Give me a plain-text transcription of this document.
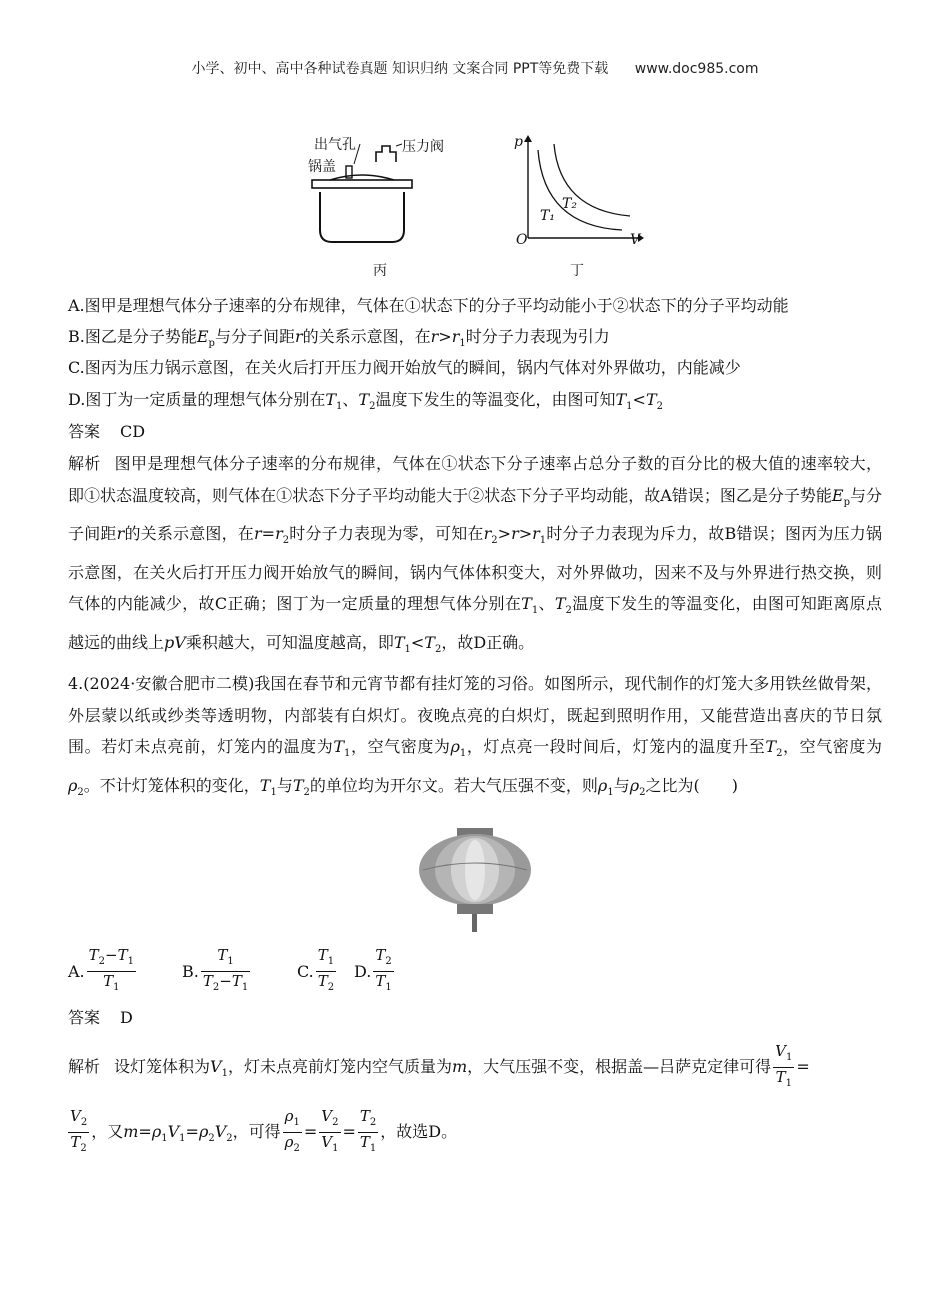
小学、初中、高中各种试卷真题 知识归纳 文案合同 PPT等免费下载 www.doc985.com
出气孔
锅盖
压力阀
丙
p
V
O
T₁
T₂
丁
A.图甲是理想气体分子速率的分布规律，气体在①状态下的分子平均动能小于②状态下的分子平均动能
B.图乙是分子势能$E_p$与分子间距r的关系示意图，在$r>r_1$时分子力表现为引力
C.图丙为压力锅示意图，在关火后打开压力阀开始放气的瞬间，锅内气体对外界做功，内能减少
D.图丁为一定质量的理想气体分别在$T_1$、$T_2$温度下发生的等温变化，由图可知$T_1<T_2$
答案 CD
解析 图甲是理想气体分子速率的分布规律，气体在①状态下分子速率占总分子数的百分比的极大值的速率较大，即①状态温度较高，则气体在①状态下分子平均动能大于②状态下分子平均动能，故A错误；图乙是分子势能$E_p$与分子间距r的关系示意图，在$r=r_2$时分子力表现为零，可知在$r_2>r>r_1$时分子力表现为斥力，故B错误；图丙为压力锅示意图，在关火后打开压力阀开始放气的瞬间，锅内气体体积变大，对外界做功，因来不及与外界进行热交换，则气体的内能减少，故C正确；图丁为一定质量的理想气体分别在$T_1$、$T_2$温度下发生的等温变化，由图可知距离原点越远的曲线上pV乘积越大，可知温度越高，即$T_1<T_2$，故D正确。
4.(2024·安徽合肥市二模)我国在春节和元宵节都有挂灯笼的习俗。如图所示，现代制作的灯笼大多用铁丝做骨架，外层蒙以纸或纱类等透明物，内部装有白炽灯。夜晚点亮的白炽灯，既起到照明作用，又能营造出喜庆的节日氛围。若灯未点亮前，灯笼内的温度为$T_1$，空气密度为$\rho_1$，灯点亮一段时间后，灯笼内的温度升至$T_2$，空气密度为$\rho_2$。不计灯笼体积的变化，$T_1$与$T_2$的单位均为开尔文。若大气压强不变，则$\rho_1$与$\rho_2$之比为(　　)
A. $\frac{T_2-T_1}{T_1}$	B. $\frac{T_1}{T_2-T_1}$	C. $\frac{T_1}{T_2} D$. $\frac{T_2}{T_1}$
答案 D
解析 设灯笼体积为$V_1$，灯未点亮前灯笼内空气质量为m，大气压强不变，根据盖—吕萨克定律可得 $\frac{V_1}{T_1}$ =

$\frac{V_2}{T_2}$ ，又$m=\rho_1V_1=\rho_2V_2$，可得 $\frac{\rho_1}{\rho_2} = \frac{V_2}{V_1} = \frac{T_2}{T_1}$ ，故选D。
